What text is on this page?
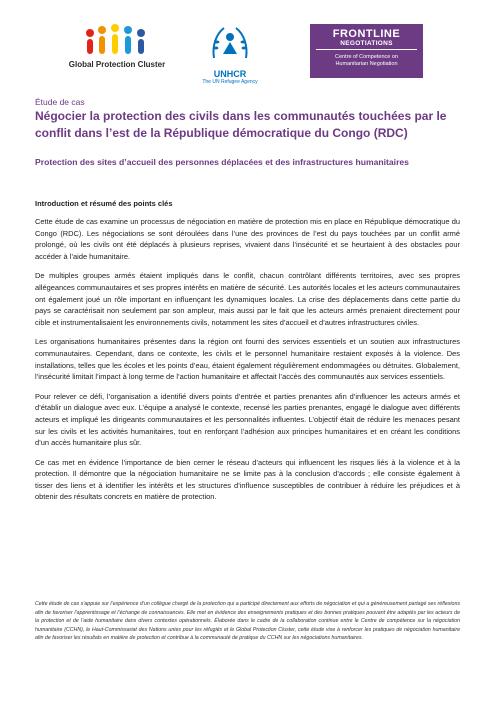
Global Protection Cluster
UNHCR
The UN Refugee Agency
FRONTLINE
NEGOTIATIONS
Centre of Competence on
Humanitarian Negotiation
Étude de cas
Négocier la protection des civils dans les communautés touchées par le conflit dans l’est de la République démocratique du Congo (RDC)
Protection des sites d’accueil des personnes déplacées et des infrastructures humanitaires
Introduction et résumé des points clés

Cette étude de cas examine un processus de négociation en matière de protection mis en place en République démocratique du Congo (RDC). Les négociations se sont déroulées dans l’une des provinces de l’est du pays touchées par un conflit armé prolongé, où les civils ont été déplacés à plusieurs reprises, vivaient dans l’insécurité et se heurtaient à des obstacles pour accéder à l’aide humanitaire.

De multiples groupes armés étaient impliqués dans le conflit, chacun contrôlant différents territoires, avec ses propres allégeances communautaires et ses propres intérêts en matière de sécurité. Les autorités locales et les acteurs communautaires ont également joué un rôle important en influençant les dynamiques locales. La crise des déplacements dans cette partie du pays se caractérisait non seulement par son ampleur, mais aussi par le fait que les acteurs armés prenaient directement pour cible et instrumentalisaient les environnements civils, notamment les sites d’accueil et d’autres infrastructures civiles.

Les organisations humanitaires présentes dans la région ont fourni des services essentiels et un soutien aux infrastructures communautaires. Cependant, dans ce contexte, les civils et le personnel humanitaire restaient exposés à la violence. Des installations, telles que les écoles et les points d’eau, étaient également régulièrement endommagées ou détruites. Globalement, l’insécurité limitait l’impact à long terme de l’action humanitaire et affectait l’accès des communautés aux services essentiels.

Pour relever ce défi, l’organisation a identifié divers points d’entrée et parties prenantes afin d’influencer les acteurs armés et d’établir un dialogue avec eux. L’équipe a analysé le contexte, recensé les parties prenantes, engagé le dialogue avec différents acteurs et impliqué les dirigeants communautaires et les personnalités influentes. L’objectif était de réduire les menaces pesant sur les civils et les activités humanitaires, tout en renforçant l’adhésion aux principes humanitaires et en créant les conditions d’un accès humanitaire plus sûr.

Ce cas met en évidence l’importance de bien cerner le réseau d’acteurs qui influencent les risques liés à la violence et à la protection. Il démontre que la négociation humanitaire ne se limite pas à la conclusion d’accords ; elle consiste également à tisser des liens et à identifier les intérêts et les structures d’influence susceptibles de contribuer à réduire les préjudices et à obtenir des résultats concrets en matière de protection.

Cette étude de cas s’appuie sur l’expérience d’un collègue chargé de la protection qui a participé directement aux efforts de négociation et qui a généreusement partagé ses réflexions afin de favoriser l’apprentissage et l’échange de connaissances. Elle met en évidence des enseignements pratiques et des bonnes pratiques pouvant être adaptés par les acteurs de la protection et de l’aide humanitaire dans divers contextes opérationnels. Élaborée dans le cadre de la collaboration continue entre le Centre de compétence sur la négociation humanitaire (CCHN), le Haut-Commissariat des Nations unies pour les réfugiés et le Global Protection Cluster, cette étude vise à renforcer les pratiques de négociation humanitaire afin de favoriser les résultats en matière de protection et contribue à la communauté de pratique du CCHN sur les négociations humanitaires.
